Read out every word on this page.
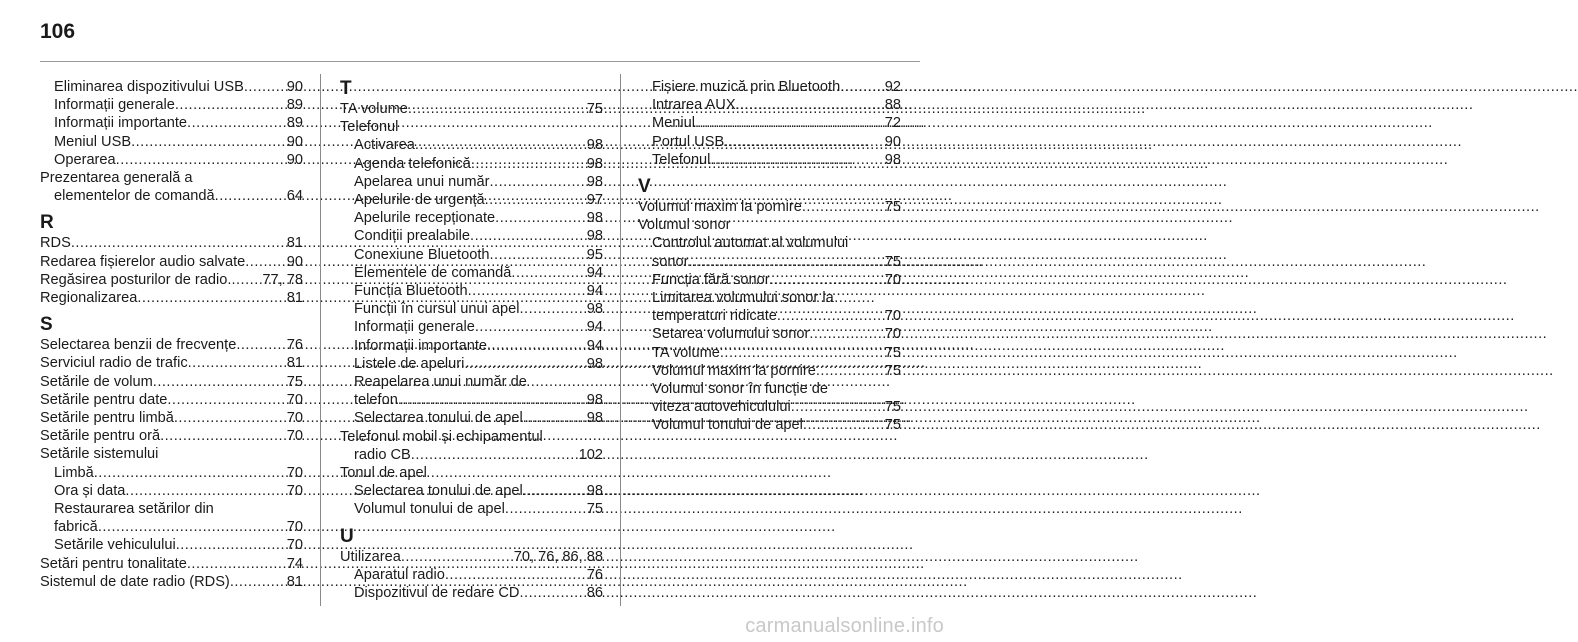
106
Eliminarea dispozitivului USB .....	90
Informații generale .....	89
Informații importante .....	89
Meniul USB .....	90
Operarea .....	90
Prezentarea generală a
elementelor de comandă .....	64
R
RDS .....	81
Redarea fișierelor audio salvate .....	90
Regăsirea posturilor de radio. ..... 77, 78
Regionalizarea .....	81
S
Selectarea benzii de frecvențe .....	76
Serviciul radio de trafic .....	81
Setările de volum .....	75
Setările pentru date .....	70
Setările pentru limbă .....	70
Setările pentru oră .....	70
Setările sistemului
Limbă .....	70
Ora și data .....	70
Restaurarea setărilor din
fabrică .....	70
Setările vehiculului .....	70
Setări pentru tonalitate .....	74
Sistemul de date radio (RDS) .....	81
T
TA volume .....	75
Telefonul
Activarea .....	98
Agenda telefonică .....	98
Apelarea unui număr .....	98
Apelurile de urgență .....	97
Apelurile recepționate .....	98
Condiții prealabile .....	98
Conexiune Bluetooth .....	95
Elementele de comandă .....	94
Funcția Bluetooth .....	94
Funcții în cursul unui apel .....	98
Informații generale .....	94
Informații importante .....	94
Listele de apeluri .....	98
Reapelarea unui număr de
telefon .....	98
Selectarea tonului de apel .....	98
Telefonul mobil și echipamentul
radio CB .....	102
Tonul de apel
Selectarea tonului de apel .....	98
Volumul tonului de apel .....	75
U
Utilizarea .....	70, 76, 86, 88
Aparatul radio .....	76
Dispozitivul de redare CD .....	86
Fișiere muzică prin Bluetooth .....	92
Intrarea AUX .....	88
Meniul .....	72
Portul USB .....	90
Telefonul .....	98
V
Volumul maxim la pornire .....	75
Volumul sonor
Controlul automat al volumului
sonor .....	75
Funcția fără sonor .....	70
Limitarea volumului sonor la
temperaturi ridicate .....	70
Setarea volumului sonor .....	70
TA volume .....	75
Volumul maxim la pornire .....	75
Volumul sonor în funcție de
viteza autovehiculului .....	75
Volumul tonului de apel .....	75
carmanualsonline.info
